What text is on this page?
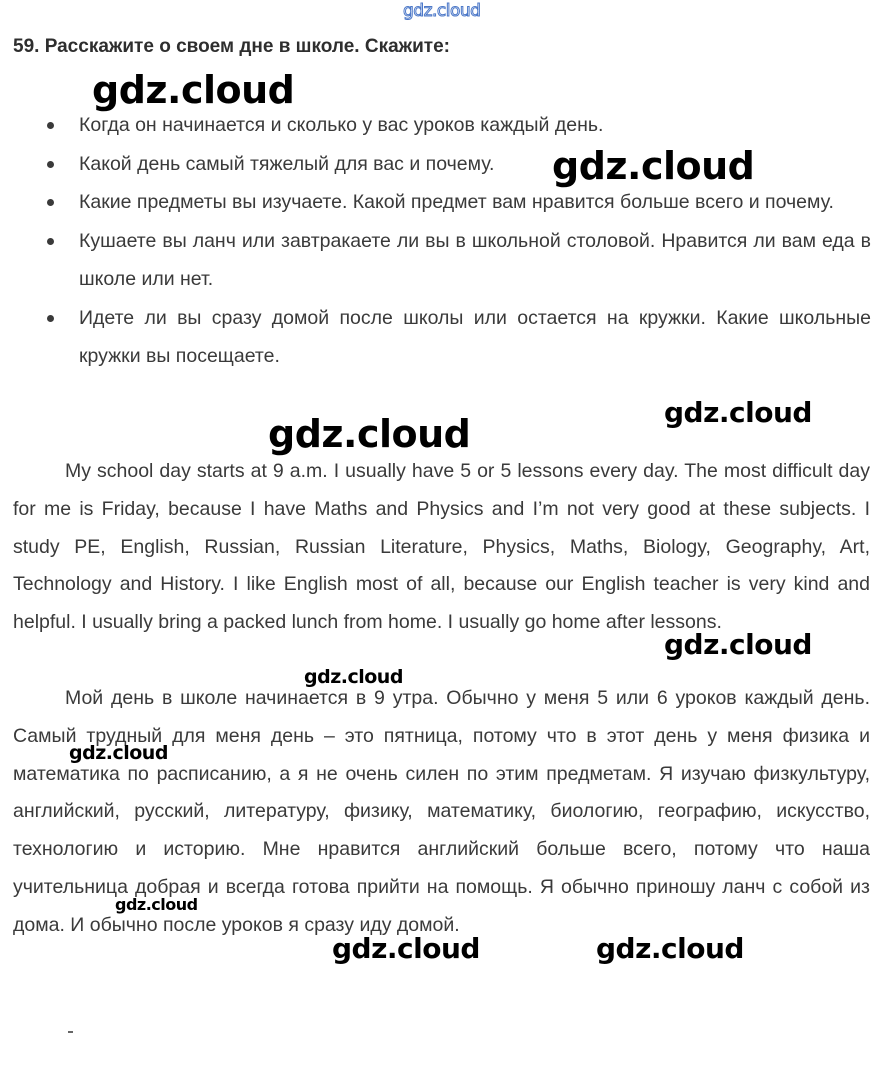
gdz.cloud
59. Расскажите о своем дне в школе. Скажите:
Когда он начинается и сколько у вас уроков каждый день.
Какой день самый тяжелый для вас и почему.
Какие предметы вы изучаете. Какой предмет вам нравится больше всего и почему.
Кушаете вы ланч или завтракаете ли вы в школьной столовой. Нравится ли вам еда в школе или нет.
Идете ли вы сразу домой после школы или остается на кружки. Какие школьные кружки вы посещаете.

My school day starts at 9 a.m. I usually have 5 or 5 lessons every day. The most difficult day for me is Friday, because I have Maths and Physics and I’m not very good at these subjects. I study PE, English, Russian, Russian Literature, Physics, Maths, Biology, Geography, Art, Technology and History. I like English most of all, because our English teacher is very kind and helpful. I usually bring a packed lunch from home. I usually go home after lessons.

Мой день в школе начинается в 9 утра. Обычно у меня 5 или 6 уроков каждый день. Самый трудный для меня день – это пятница, потому что в этот день у меня физика и математика по расписанию, а я не очень силен по этим предметам. Я изучаю физкультуру, английский, русский, литературу, физику, математику, биологию, географию, искусство, технологию и историю. Мне нравится английский больше всего, потому что наша учительница добрая и всегда готова прийти на помощь. Я обычно приношу ланч с собой из дома. И обычно после уроков я сразу иду домой.

gdz.cloud
gdz.cloud
gdz.cloud
gdz.cloud
gdz.cloud
gdz.cloud
gdz.cloud
gdz.cloud
gdz.cloud	gdz.cloud
